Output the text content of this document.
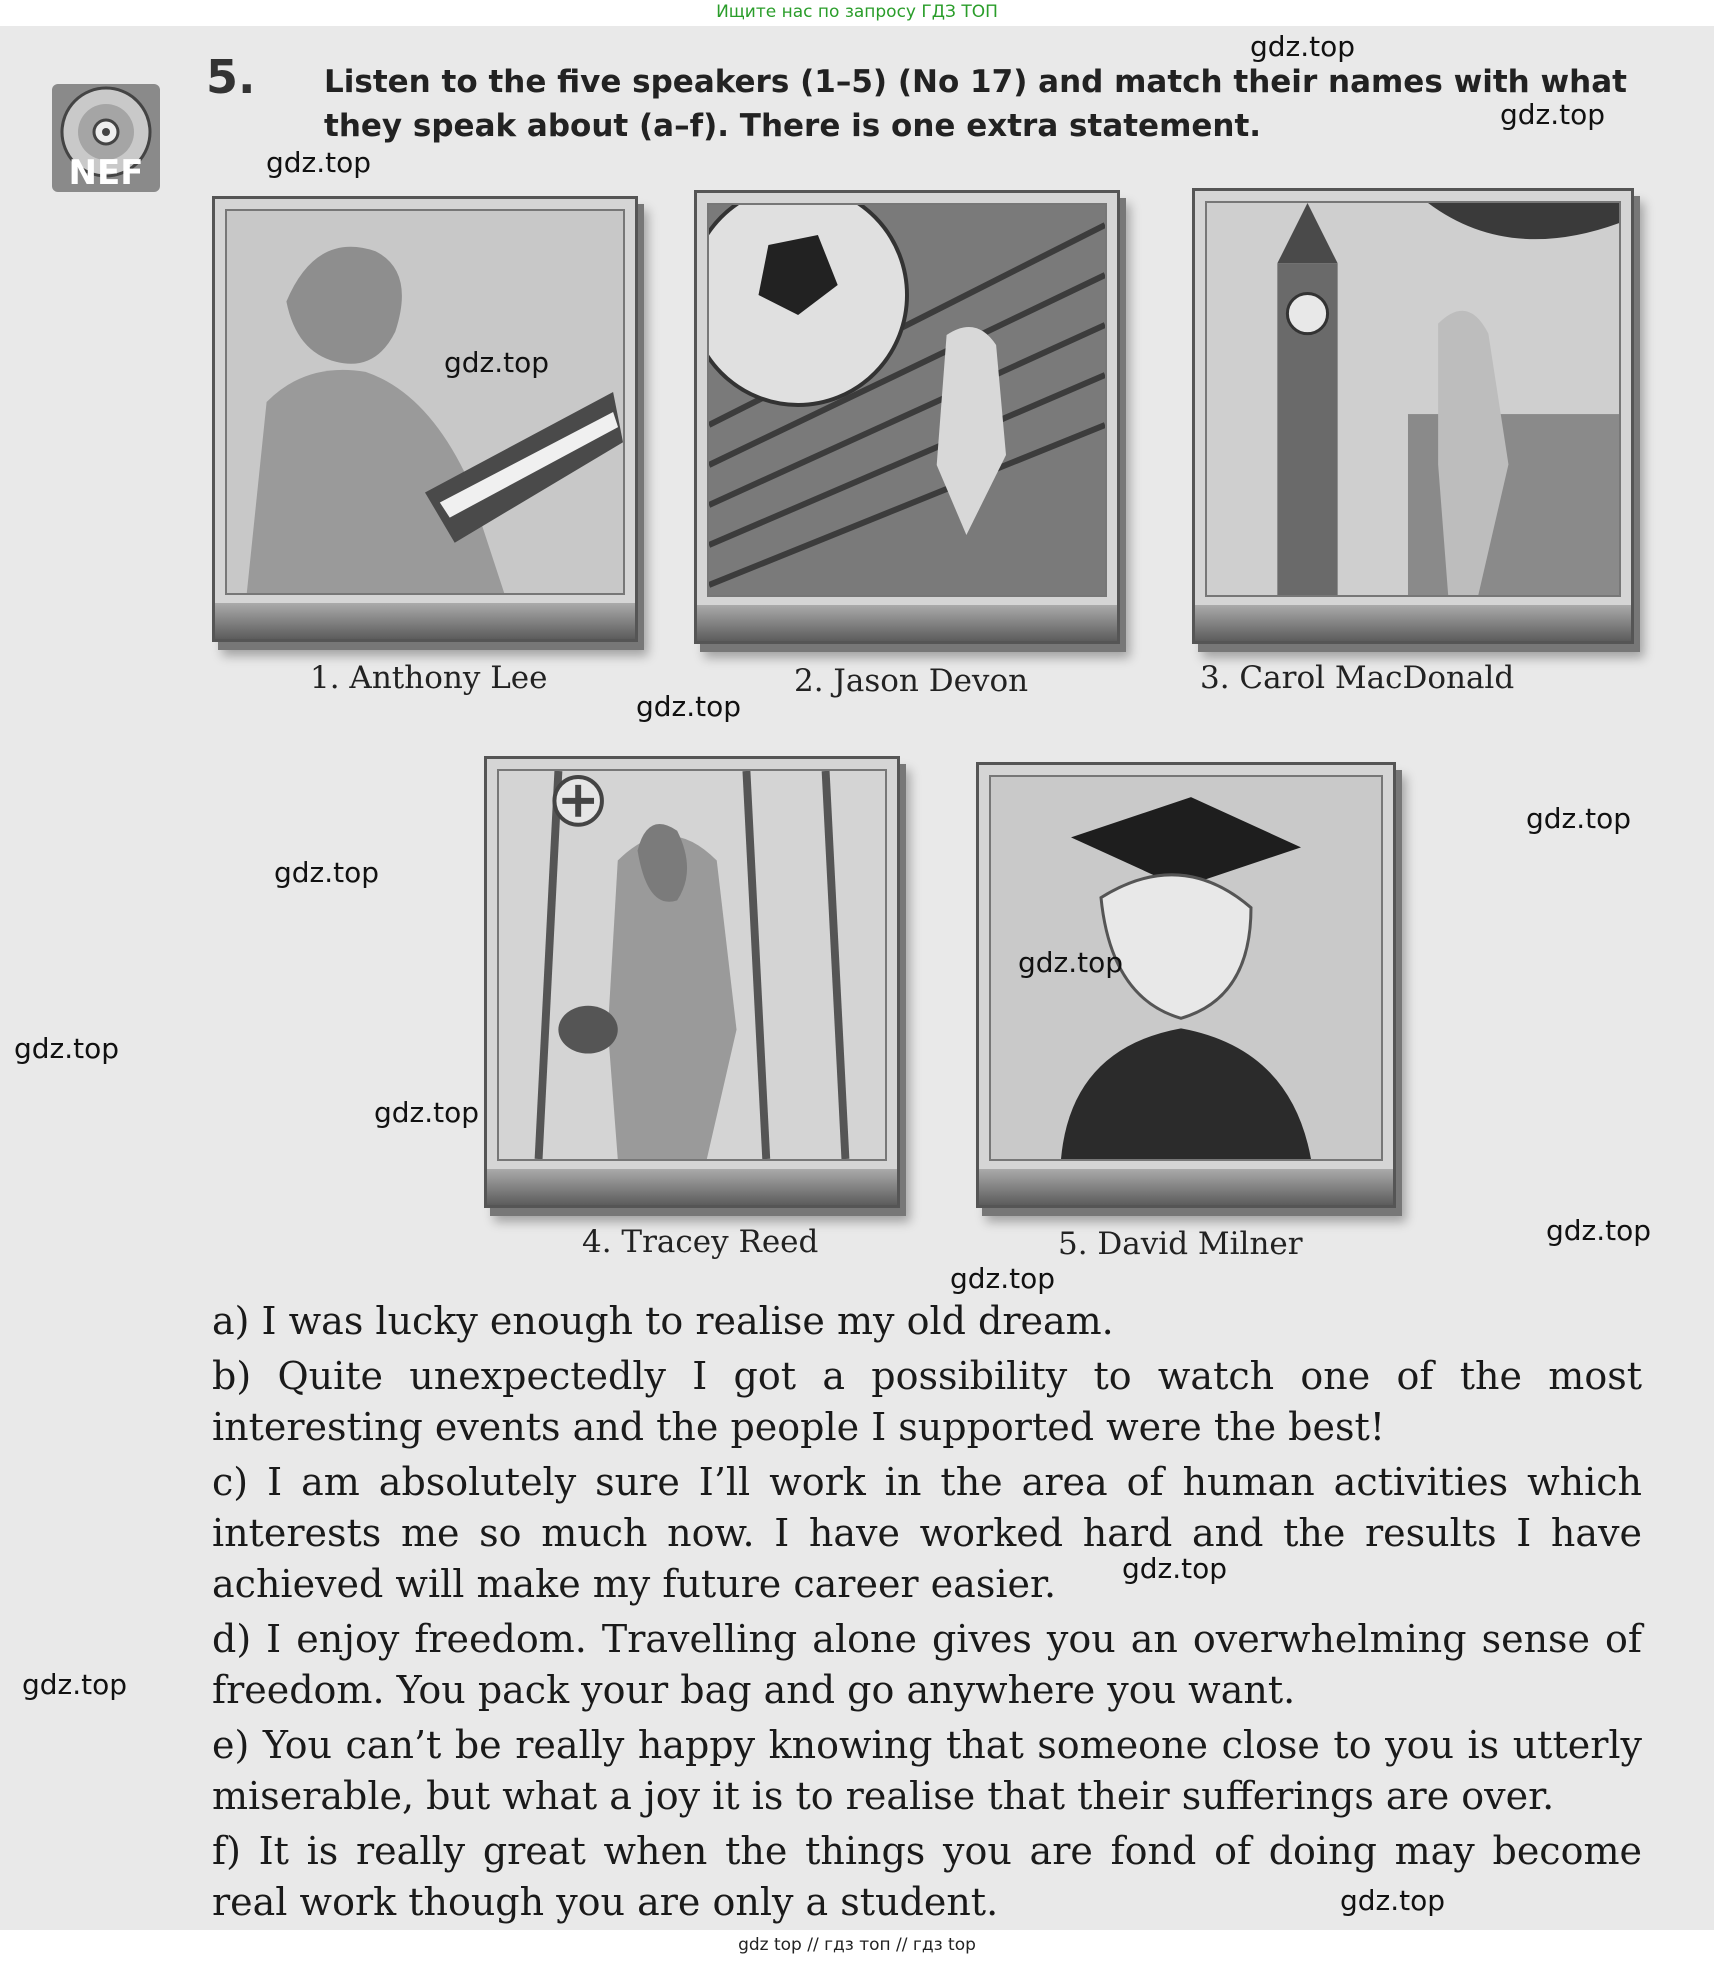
Ищите нас по запросу ГДЗ ТОП
NEF
5. Listen to the five speakers (1–5) (No 17) and match their names with what they speak about (a–f). There is one extra statement.
1. Anthony Lee	2. Jason Devon	3. Carol MacDonald
4. Tracey Reed	5. David Milner

a) I was lucky enough to realise my old dream.

b) Quite unexpectedly I got a possibility to watch one of the most interesting events and the people I supported were the best!

c) I am absolutely sure I’ll work in the area of human activities which interests me so much now. I have worked hard and the results I have achieved will make my future career easier.

d) I enjoy freedom. Travelling alone gives you an overwhelming sense of freedom. You pack your bag and go anywhere you want.

e) You can’t be really happy knowing that someone close to you is utterly miserable, but what a joy it is to realise that their sufferings are over.

f) It is really great when the things you are fond of doing may become real work though you are only a student.

gdz.top
gdz.top
gdz.top
gdz.top
gdz.top
gdz.top
gdz.top
gdz.top
gdz.top
gdz.top
gdz.top
gdz.top
gdz.top
gdz.top
gdz.top
gdz top // гдз топ // гдз top
